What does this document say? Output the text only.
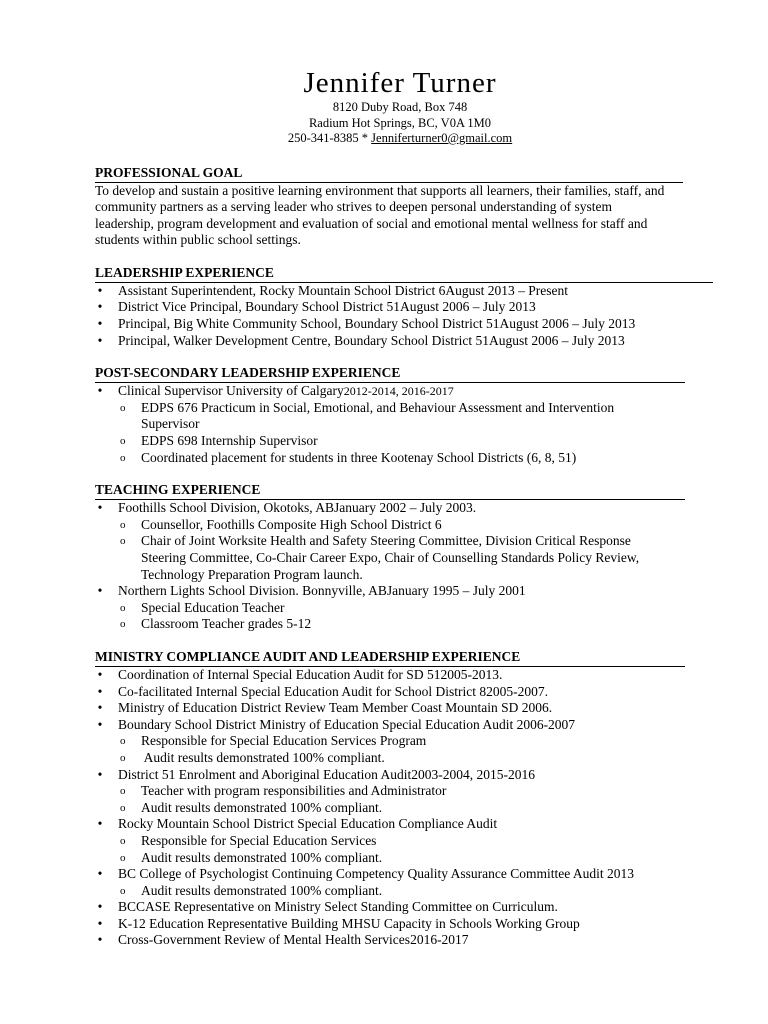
Jennifer Turner
8120 Duby Road, Box 748
Radium Hot Springs, BC, V0A 1M0
250-341-8385 * Jenniferturner0@gmail.com
PROFESSIONAL GOAL
To develop and sustain a positive learning environment that supports all learners, their families, staff, and
community partners as a serving leader who strives to deepen personal understanding of system
leadership, program development and evaluation of social and emotional mental wellness for staff and
students within public school settings.
LEADERSHIP EXPERIENCE
• Assistant Superintendent, Rocky Mountain School District 6August 2013 – Present
• District Vice Principal, Boundary School District 51August 2006 – July 2013
• Principal, Big White Community School, Boundary School District 51August 2006 – July 2013
• Principal, Walker Development Centre, Boundary School District 51August 2006 – July 2013
POST-SECONDARY LEADERSHIP EXPERIENCE
• Clinical Supervisor University of Calgary2012-2014, 2016-2017
o EDPS 676 Practicum in Social, Emotional, and Behaviour Assessment and Intervention
Supervisor
o EDPS 698 Internship Supervisor
o Coordinated placement for students in three Kootenay School Districts (6, 8, 51)
TEACHING EXPERIENCE
• Foothills School Division, Okotoks, ABJanuary 2002 – July 2003.
o Counsellor, Foothills Composite High School District 6
o Chair of Joint Worksite Health and Safety Steering Committee, Division Critical Response
Steering Committee, Co-Chair Career Expo, Chair of Counselling Standards Policy Review,
Technology Preparation Program launch.
• Northern Lights School Division. Bonnyville, ABJanuary 1995 – July 2001
o Special Education Teacher
o Classroom Teacher grades 5-12
MINISTRY COMPLIANCE AUDIT AND LEADERSHIP EXPERIENCE
• Coordination of Internal Special Education Audit for SD 512005-2013.
• Co-facilitated Internal Special Education Audit for School District 82005-2007.
• Ministry of Education District Review Team Member Coast Mountain SD 2006.
• Boundary School District Ministry of Education Special Education Audit 2006-2007
o Responsible for Special Education Services Program
o Audit results demonstrated 100% compliant.
• District 51 Enrolment and Aboriginal Education Audit2003-2004, 2015-2016
o Teacher with program responsibilities and Administrator
o Audit results demonstrated 100% compliant.
• Rocky Mountain School District Special Education Compliance Audit
o Responsible for Special Education Services
o Audit results demonstrated 100% compliant.
• BC College of Psychologist Continuing Competency Quality Assurance Committee Audit 2013
o Audit results demonstrated 100% compliant.
• BCCASE Representative on Ministry Select Standing Committee on Curriculum.
• K-12 Education Representative Building MHSU Capacity in Schools Working Group
• Cross-Government Review of Mental Health Services2016-2017
